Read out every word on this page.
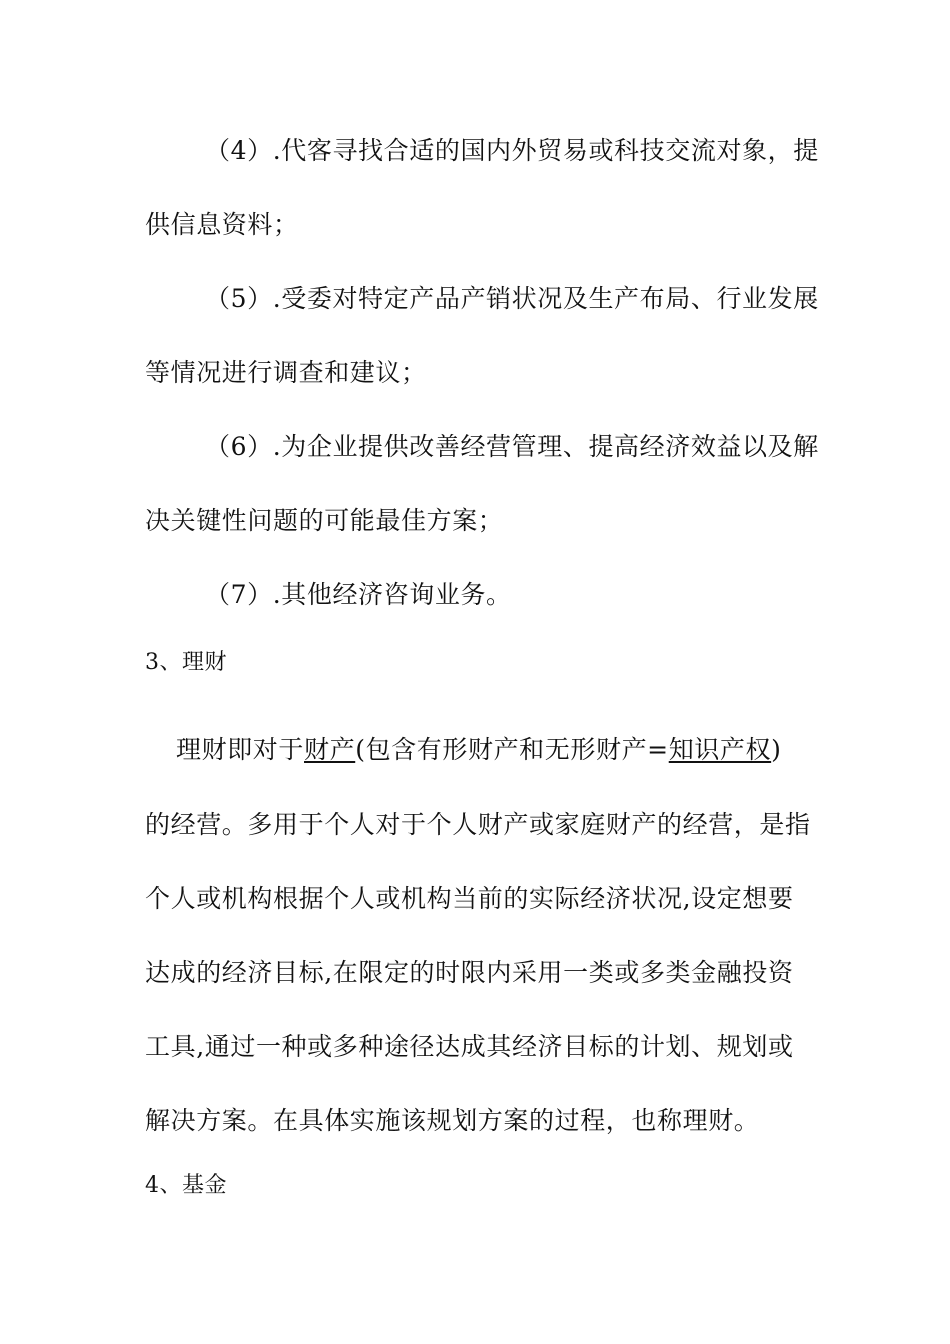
（4）.代客寻找合适的国内外贸易或科技交流对象，提
供信息资料；
（5）.受委对特定产品产销状况及生产布局、行业发展
等情况进行调查和建议；
（6）.为企业提供改善经营管理、提高经济效益以及解
决关键性问题的可能最佳方案；
（7）.其他经济咨询业务。
3、理财
理财即对于财产(包含有形财产和无形财产=知识产权)
的经营。多用于个人对于个人财产或家庭财产的经营，是指
个人或机构根据个人或机构当前的实际经济状况,设定想要
达成的经济目标,在限定的时限内采用一类或多类金融投资
工具,通过一种或多种途径达成其经济目标的计划、规划或
解决方案。在具体实施该规划方案的过程，也称理财。
4、基金
